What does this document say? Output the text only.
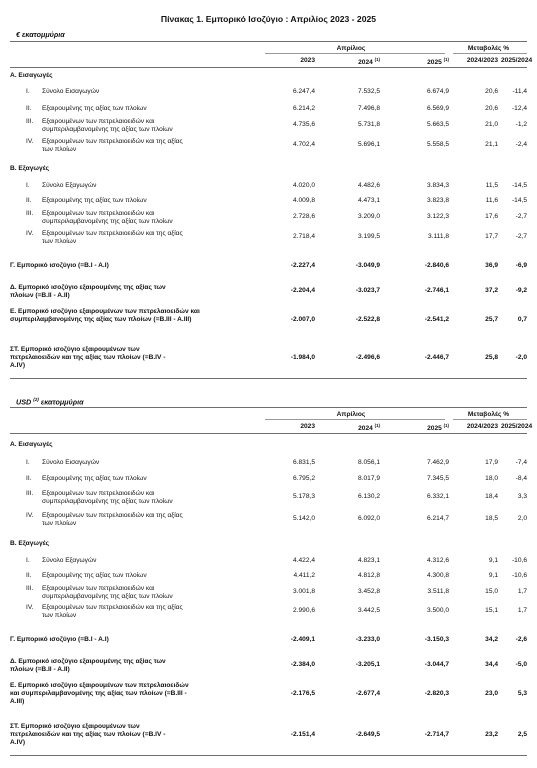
Πίνακας 1. Εμπορικό Ισοζύγιο : Απριλίος 2023 - 2025
€ εκατομμύρια
Απρίλιος	Μεταβολές %
2023	2024 $^{(1)}$	2025 $^{(1)}$	2024/2023 2025/2024
Α. Εισαγωγές
I. Σύνολο Εισαγωγών	6.247,4	7.532,5	6.674,9	20,6	-11,4
II. Εξαιρουμένης της αξίας των πλοίων	6.214,2	7.496,8	6.569,9	20,6	-12,4
III. Εξαιρουμένων των πετρελαιοειδών και συμπεριλαμβανομένης της αξίας των πλοίων
4.735,6	5.731,8	5.663,5	21,0	-1,2
IV. Εξαιρουμένων των πετρελαιοειδών και της αξίας των πλοίων
4.702,4	5.696,1	5.558,5	21,1	-2,4
Β. Εξαγωγές
I. Σύνολο Εξαγωγών	4.020,0	4.482,6	3.834,3	11,5	-14,5
II. Εξαιρουμένης της αξίας των πλοίων	4.009,8	4.473,1	3.823,8	11,6	-14,5
III. Εξαιρουμένων των πετρελαιοειδών και συμπεριλαμβανομένης της αξίας των πλοίων
2.728,6	3.209,0	3.122,3	17,6	-2,7
IV. Εξαιρουμένων των πετρελαιοειδών και της αξίας των πλοίων
2.718,4	3.199,5	3.111,8	17,7	-2,7
Γ. Εμπορικό ισοζύγιο (=Β.Ι - Α.Ι)	-2.227,4	-3.049,9	-2.840,6	36,9	-6,9
Δ. Εμπορικό ισοζύγιο εξαιρουμένης της αξίας των πλοίων (=Β.ΙΙ - Α.ΙΙ)
-2.204,4	-3.023,7	-2.746,1	37,2	-9,2
Ε. Εμπορικό ισοζύγιο εξαιρουμένων των πετρελαιοειδών και συμπεριλαμβανομένης της αξίας των πλοίων (=Β.ΙΙΙ - Α.ΙΙΙ)	-2.007,0	-2.522,8	-2.541,2	25,7	0,7
ΣΤ. Εμπορικό ισοζύγιο εξαιρουμένων των πετρελαιοειδών και της αξίας των πλοίων (=Β.ΙV - Α.ΙV)
-1.984,0	-2.496,6	-2.446,7	25,8	-2,0
USD $^{(2)}$ εκατομμύρια
Απρίλιος	Μεταβολές %
2023	2024 $^{(1)}$	2025 $^{(1)}$	2024/2023 2025/2024
Α. Εισαγωγές
I. Σύνολο Εισαγωγών	6.831,5	8.056,1	7.462,9	17,9	-7,4
II. Εξαιρουμένης της αξίας των πλοίων	6.795,2	8.017,9	7.345,5	18,0	-8,4
III. Εξαιρουμένων των πετρελαιοειδών και συμπεριλαμβανομένης της αξίας των πλοίων
5.178,3	6.130,2	6.332,1	18,4	3,3
IV. Εξαιρουμένων των πετρελαιοειδών και της αξίας των πλοίων
5.142,0	6.092,0	6.214,7	18,5	2,0
Β. Εξαγωγές
I. Σύνολο Εξαγωγών	4.422,4	4.823,1	4.312,6	9,1	-10,6
II. Εξαιρουμένης της αξίας των πλοίων	4.411,2	4.812,8	4.300,8	9,1	-10,6
III. Εξαιρουμένων των πετρελαιοειδών και συμπεριλαμβανομένης της αξίας των πλοίων
3.001,8	3.452,8	3.511,8	15,0	1,7
IV. Εξαιρουμένων των πετρελαιοειδών και της αξίας των πλοίων
2.990,6	3.442,5	3.500,0	15,1	1,7
Γ. Εμπορικό ισοζύγιο (=Β.Ι - Α.Ι)	-2.409,1	-3.233,0	-3.150,3	34,2	-2,6
Δ. Εμπορικό ισοζύγιο εξαιρουμένης της αξίας των πλοίων (=Β.ΙΙ - Α.ΙΙ)
-2.384,0	-3.205,1	-3.044,7	34,4	-5,0
Ε. Εμπορικό ισοζύγιο εξαιρουμένων των πετρελαιοειδών και συμπεριλαμβανομένης της αξίας των πλοίων (=Β.ΙΙΙ - Α.ΙΙΙ)
-2.176,5	-2.677,4	-2.820,3	23,0	5,3
ΣΤ. Εμπορικό ισοζύγιο εξαιρουμένων των πετρελαιοειδών και της αξίας των πλοίων (=Β.ΙV - Α.ΙV)
-2.151,4	-2.649,5	-2.714,7	23,2	2,5
